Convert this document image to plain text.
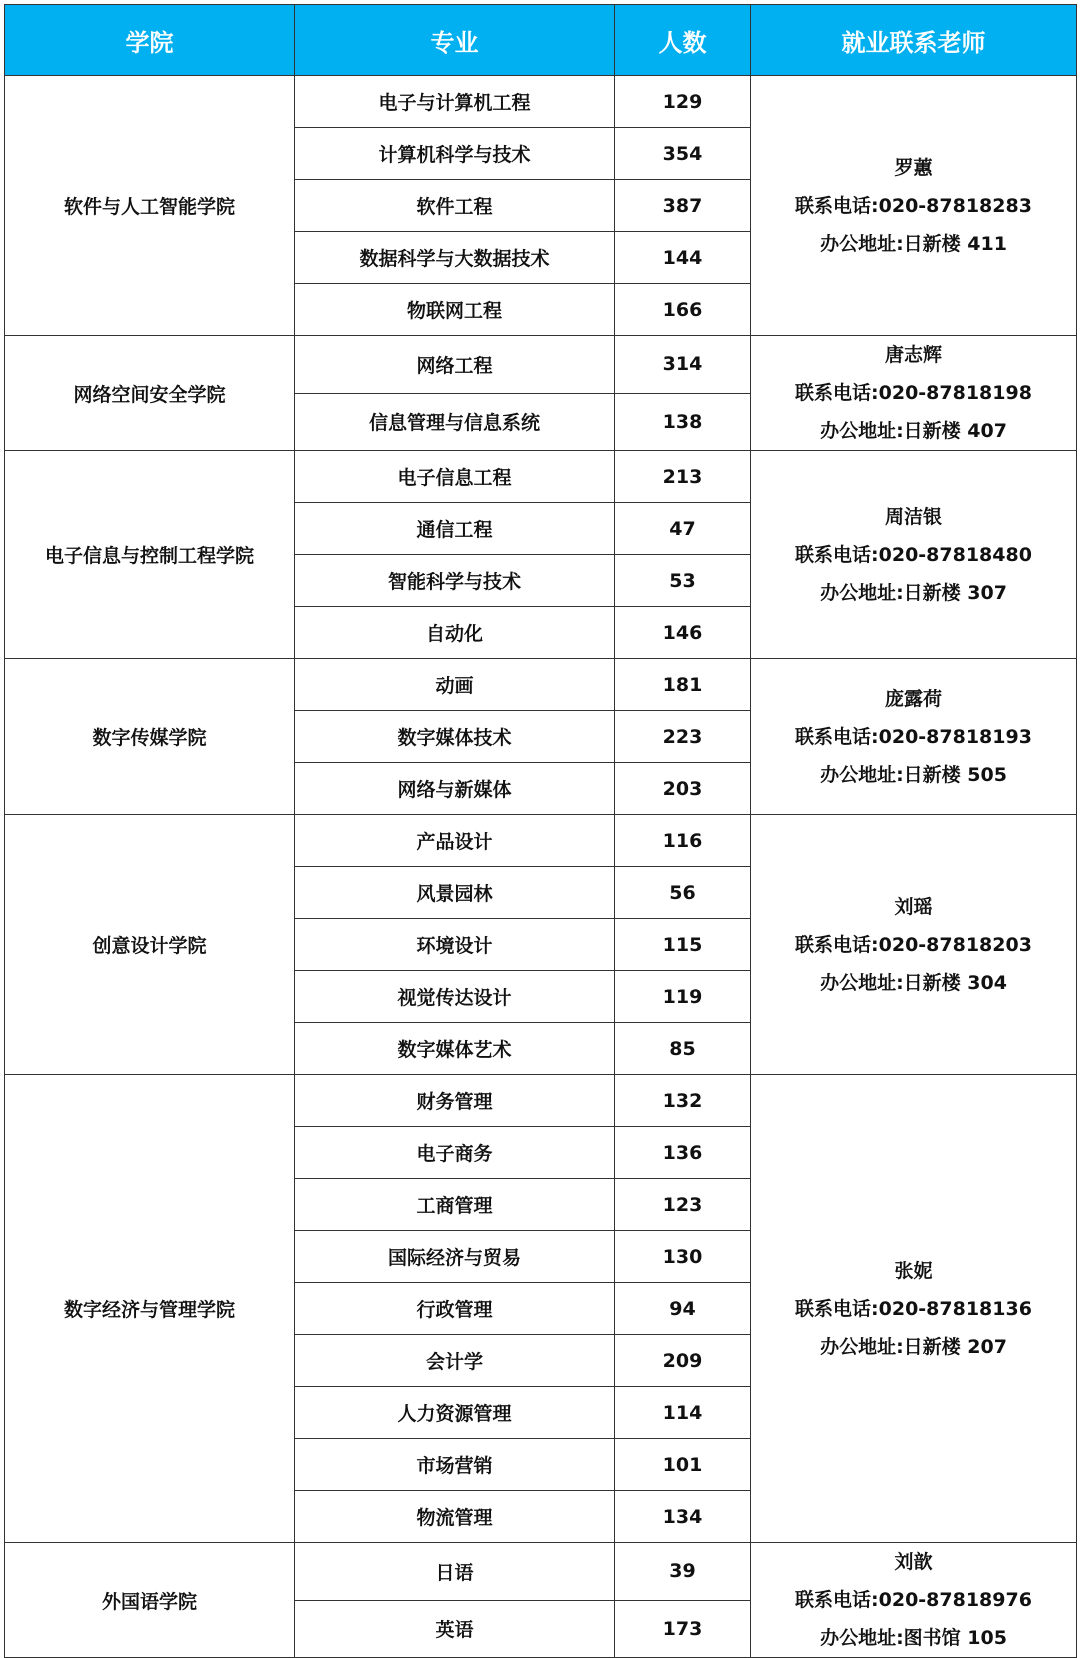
学院	专业	人数	就业联系老师
软件与人工智能学院	电子与计算机工程	129	罗蕙
联系电话:020-87818283
办公地址:日新楼 411

	计算机科学与技术	354	
	软件工程	387	
	数据科学与大数据技术	144	
	物联网工程	166	
网络空间安全学院	网络工程	314	唐志辉
联系电话:020-87818198
办公地址:日新楼 407

	信息管理与信息系统	138	
电子信息与控制工程学院	电子信息工程	213	周洁银
联系电话:020-87818480
办公地址:日新楼 307

	通信工程	47	
	智能科学与技术	53	
	自动化	146	
数字传媒学院	动画	181	庞露荷
联系电话:020-87818193
办公地址:日新楼 505

	数字媒体技术	223	
	网络与新媒体	203	
创意设计学院	产品设计	116	刘瑶
联系电话:020-87818203
办公地址:日新楼 304

	风景园林	56	
	环境设计	115	
	视觉传达设计	119	
	数字媒体艺术	85	
数字经济与管理学院	财务管理	132	张妮
联系电话:020-87818136
办公地址:日新楼 207

	电子商务	136	
	工商管理	123	
	国际经济与贸易	130	
	行政管理	94	
	会计学	209	
	人力资源管理	114	
	市场营销	101	
	物流管理	134	
外国语学院	日语	39	刘歆
联系电话:020-87818976
办公地址:图书馆 105

	英语	173	
